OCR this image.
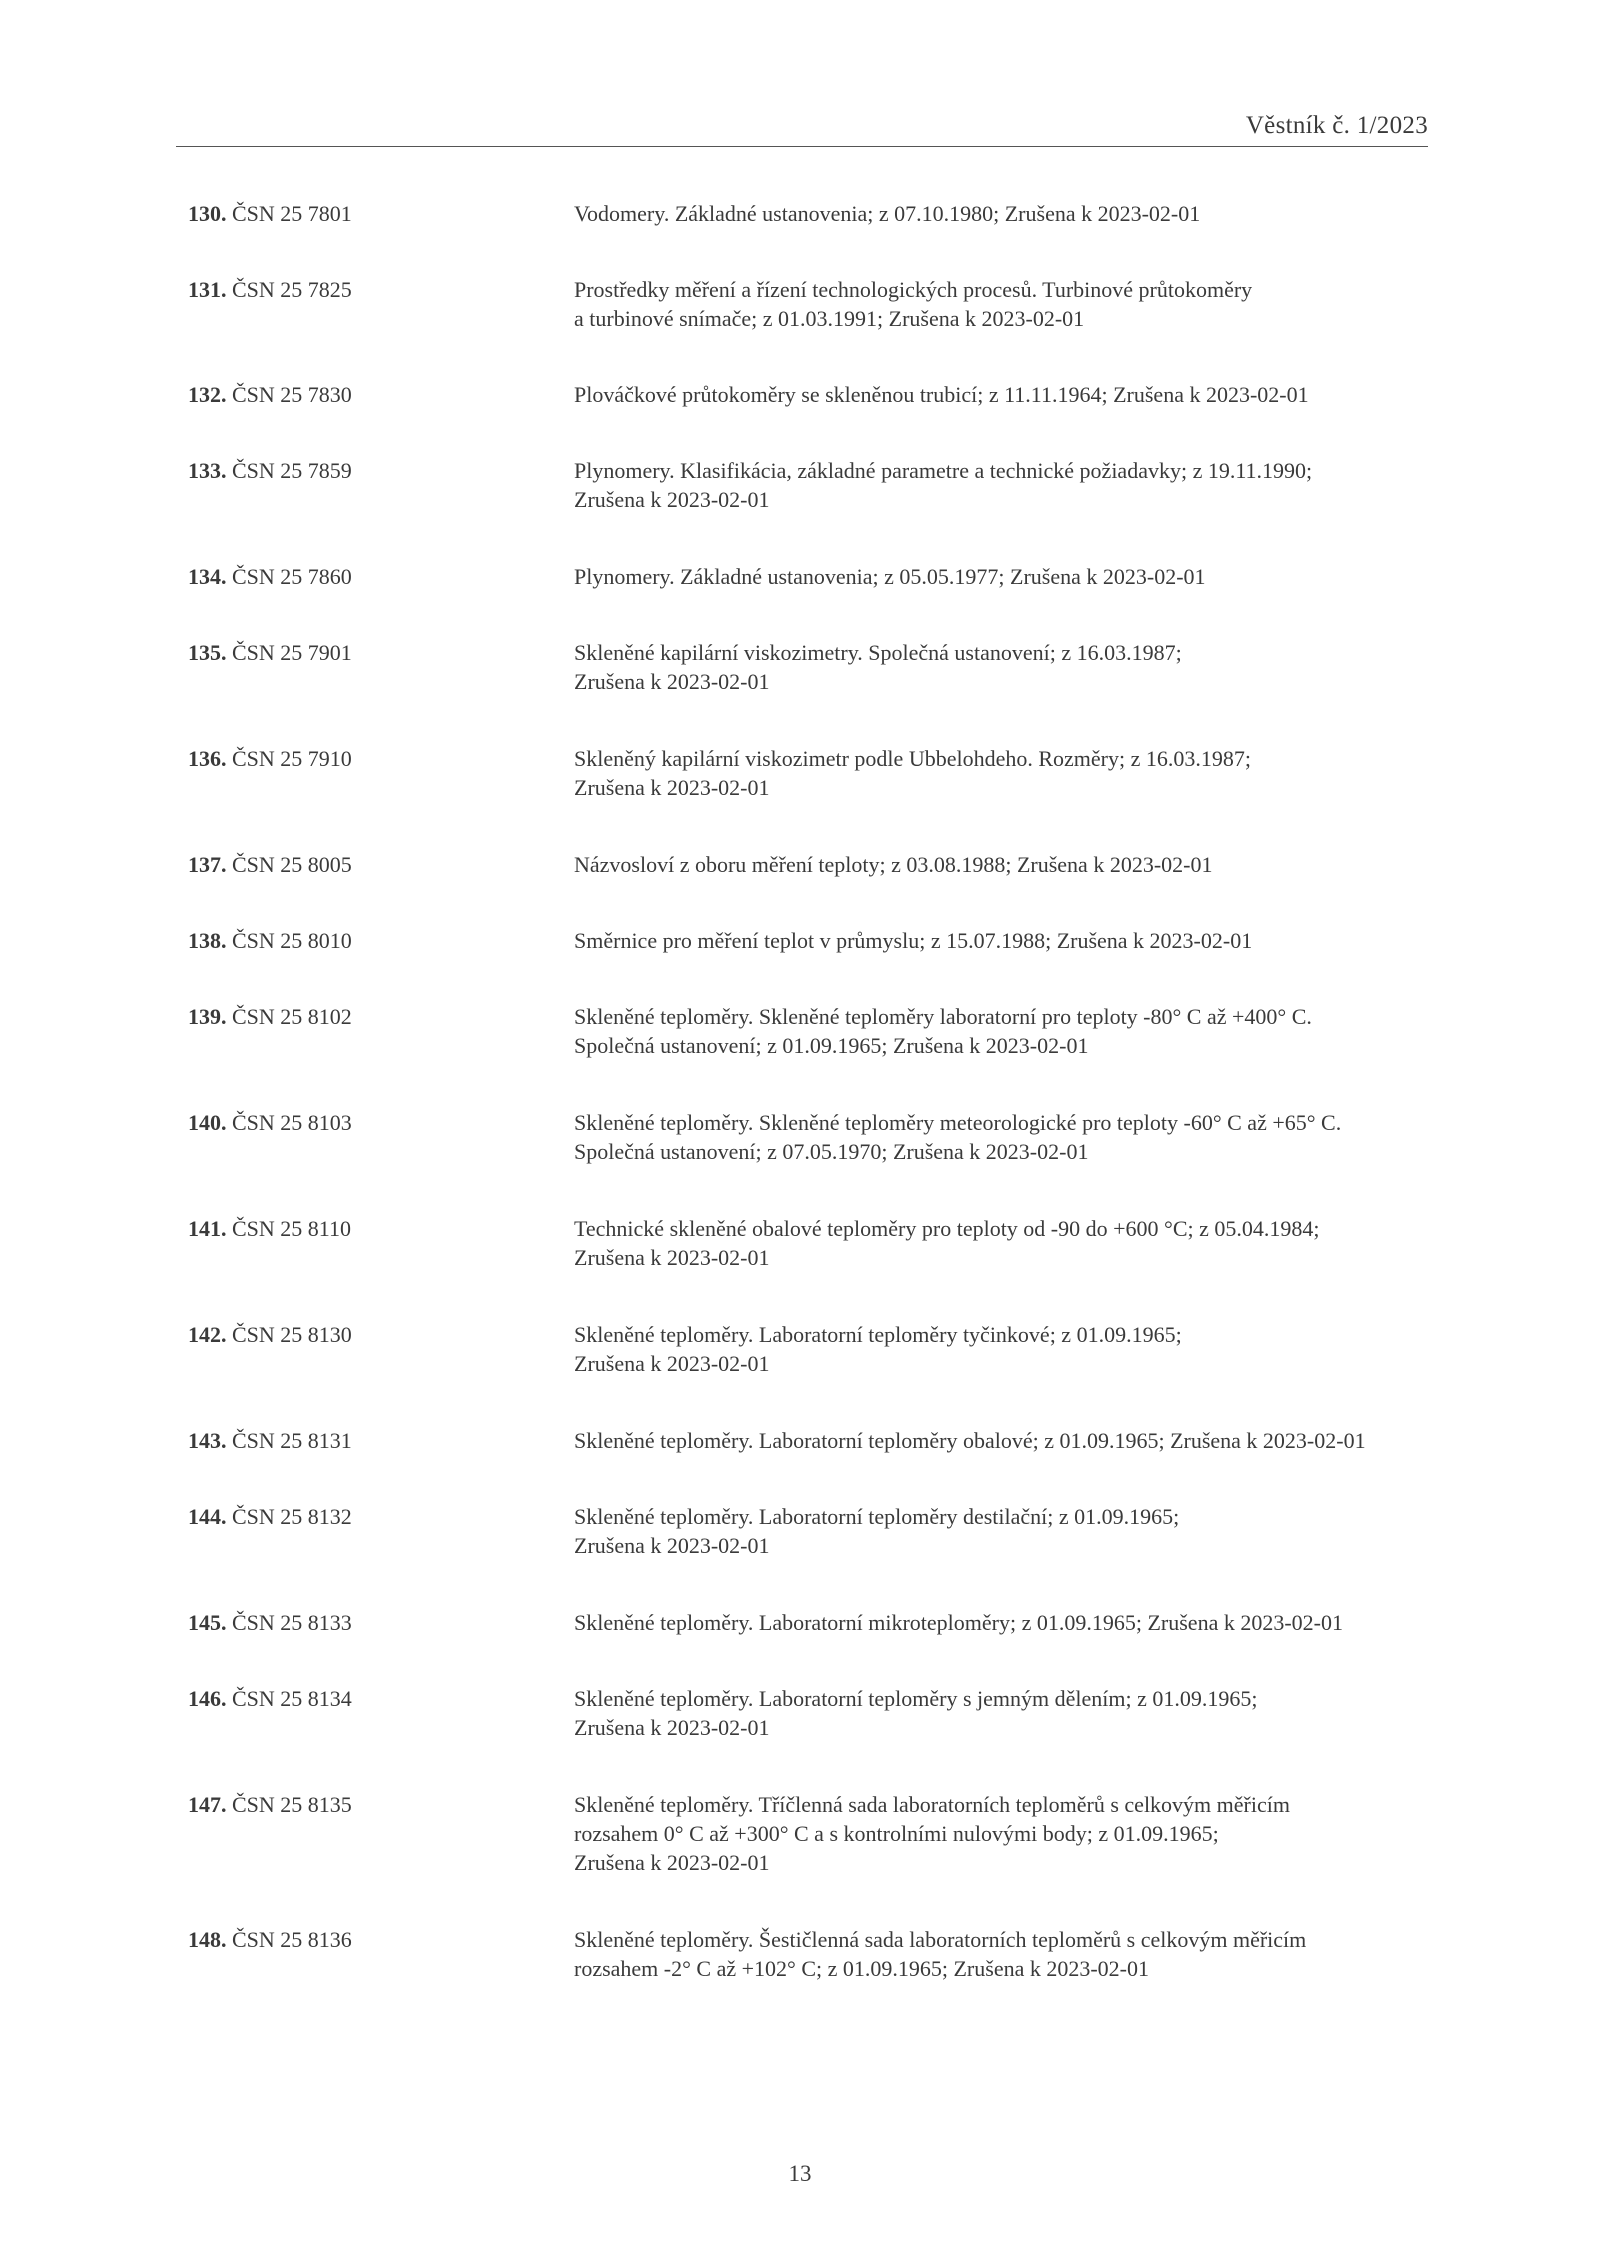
Věstník č. 1/2023
130. ČSN 25 7801	Vodomery. Základné ustanovenia; z 07.10.1980; Zrušena k 2023-02-01
131. ČSN 25 7825	Prostředky měření a řízení technologických procesů. Turbinové průtokoměry
a turbinové snímače; z 01.03.1991; Zrušena k 2023-02-01
132. ČSN 25 7830	Plováčkové průtokoměry se skleněnou trubicí; z 11.11.1964; Zrušena k 2023-02-01
133. ČSN 25 7859	Plynomery. Klasifikácia, základné parametre a technické požiadavky; z 19.11.1990;
Zrušena k 2023-02-01
134. ČSN 25 7860	Plynomery. Základné ustanovenia; z 05.05.1977; Zrušena k 2023-02-01
135. ČSN 25 7901	Skleněné kapilární viskozimetry. Společná ustanovení; z 16.03.1987;
Zrušena k 2023-02-01
136. ČSN 25 7910	Skleněný kapilární viskozimetr podle Ubbelohdeho. Rozměry; z 16.03.1987;
Zrušena k 2023-02-01
137. ČSN 25 8005	Názvosloví z oboru měření teploty; z 03.08.1988; Zrušena k 2023-02-01
138. ČSN 25 8010	Směrnice pro měření teplot v průmyslu; z 15.07.1988; Zrušena k 2023-02-01
139. ČSN 25 8102	Skleněné teploměry. Skleněné teploměry laboratorní pro teploty -80° C až +400° C.
Společná ustanovení; z 01.09.1965; Zrušena k 2023-02-01
140. ČSN 25 8103	Skleněné teploměry. Skleněné teploměry meteorologické pro teploty -60° C až +65° C.
Společná ustanovení; z 07.05.1970; Zrušena k 2023-02-01
141. ČSN 25 8110	Technické skleněné obalové teploměry pro teploty od -90 do +600 °C; z 05.04.1984;
Zrušena k 2023-02-01
142. ČSN 25 8130	Skleněné teploměry. Laboratorní teploměry tyčinkové; z 01.09.1965;
Zrušena k 2023-02-01
143. ČSN 25 8131	Skleněné teploměry. Laboratorní teploměry obalové; z 01.09.1965; Zrušena k 2023-02-01
144. ČSN 25 8132	Skleněné teploměry. Laboratorní teploměry destilační; z 01.09.1965;
Zrušena k 2023-02-01
145. ČSN 25 8133	Skleněné teploměry. Laboratorní mikroteploměry; z 01.09.1965; Zrušena k 2023-02-01
146. ČSN 25 8134	Skleněné teploměry. Laboratorní teploměry s jemným dělením; z 01.09.1965;
Zrušena k 2023-02-01
147. ČSN 25 8135	Skleněné teploměry. Tříčlenná sada laboratorních teploměrů s celkovým měřicím
rozsahem 0° C až +300° C a s kontrolními nulovými body; z 01.09.1965;
Zrušena k 2023-02-01
148. ČSN 25 8136	Skleněné teploměry. Šestičlenná sada laboratorních teploměrů s celkovým měřicím
rozsahem -2° C až +102° C; z 01.09.1965; Zrušena k 2023-02-01
13
